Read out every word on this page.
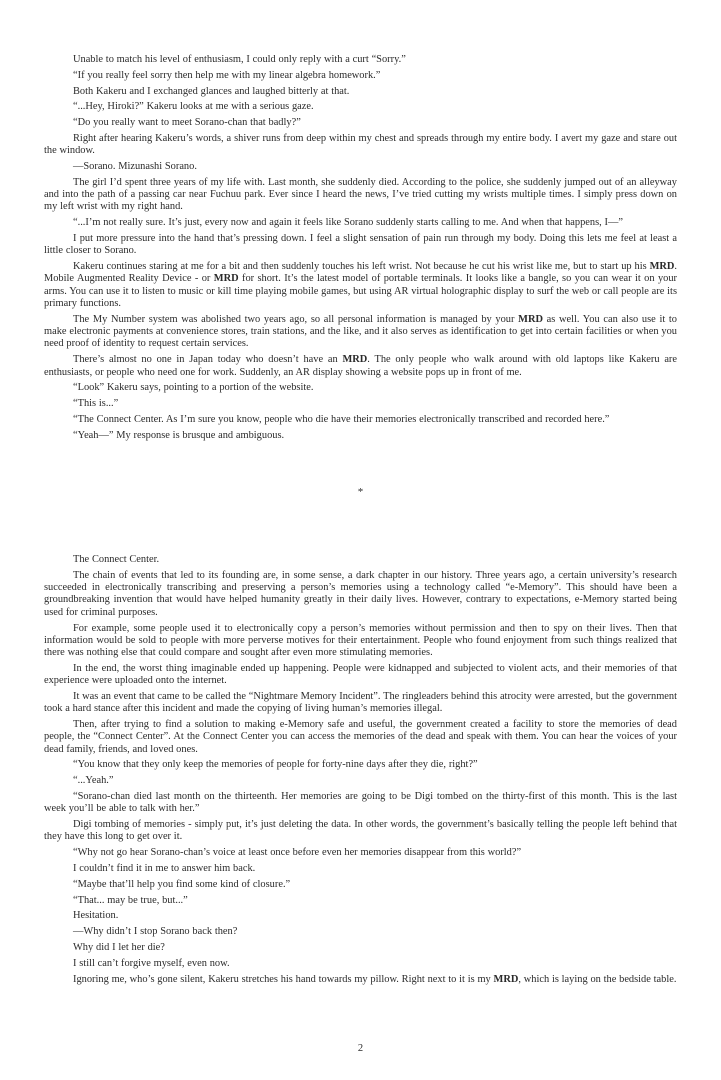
Unable to match his level of enthusiasm, I could only reply with a curt “Sorry.”

“If you really feel sorry then help me with my linear algebra homework.”

Both Kakeru and I exchanged glances and laughed bitterly at that.

“...Hey, Hiroki?” Kakeru looks at me with a serious gaze.

“Do you really want to meet Sorano-chan that badly?”

Right after hearing Kakeru’s words, a shiver runs from deep within my chest and spreads through my entire body. I avert my gaze and stare out the window.

—Sorano. Mizunashi Sorano.

The girl I’d spent three years of my life with. Last month, she suddenly died. According to the police, she suddenly jumped out of an alleyway and into the path of a passing car near Fuchuu park. Ever since I heard the news, I’ve tried cutting my wrists multiple times. I simply press down on my left wrist with my right hand.

“...I’m not really sure. It’s just, every now and again it feels like Sorano suddenly starts calling to me. And when that happens, I—”

I put more pressure into the hand that’s pressing down. I feel a slight sensation of pain run through my body. Doing this lets me feel at least a little closer to Sorano.

Kakeru continues staring at me for a bit and then suddenly touches his left wrist. Not because he cut his wrist like me, but to start up his MRD. Mobile Augmented Reality Device - or MRD for short. It’s the latest model of portable terminals. It looks like a bangle, so you can wear it on your arms. You can use it to listen to music or kill time playing mobile games, but using AR virtual holographic display to surf the web or call people are its primary functions.

The My Number system was abolished two years ago, so all personal information is managed by your MRD as well. You can also use it to make electronic payments at convenience stores, train stations, and the like, and it also serves as identification to get into certain facilities or when you need proof of identity to request certain services.

There’s almost no one in Japan today who doesn’t have an MRD. The only people who walk around with old laptops like Kakeru are enthusiasts, or people who need one for work. Suddenly, an AR display showing a website pops up in front of me.

“Look” Kakeru says, pointing to a portion of the website.

“This is...”

“The Connect Center. As I’m sure you know, people who die have their memories electronically transcribed and recorded here.”

“Yeah—” My response is brusque and ambiguous.

*

The Connect Center.

The chain of events that led to its founding are, in some sense, a dark chapter in our history. Three years ago, a certain university’s research succeeded in electronically transcribing and preserving a person’s memories using a technology called “e-Memory”. This should have been a groundbreaking invention that would have helped humanity greatly in their daily lives. However, contrary to expectations, e-Memory started being used for criminal purposes.

For example, some people used it to electronically copy a person’s memories without permission and then to spy on their lives. Then that information would be sold to people with more perverse motives for their entertainment. People who found enjoyment from such things realized that there was nothing else that could compare and sought after even more stimulating memories.

In the end, the worst thing imaginable ended up happening. People were kidnapped and subjected to violent acts, and their memories of that experience were uploaded onto the internet.

It was an event that came to be called the “Nightmare Memory Incident”. The ringleaders behind this atrocity were arrested, but the government took a hard stance after this incident and made the copying of living human’s memories illegal.

Then, after trying to find a solution to making e-Memory safe and useful, the government created a facility to store the memories of dead people, the “Connect Center”. At the Connect Center you can access the memories of the dead and speak with them. You can hear the voices of your dead family, friends, and loved ones.

“You know that they only keep the memories of people for forty-nine days after they die, right?”

“...Yeah.”

“Sorano-chan died last month on the thirteenth. Her memories are going to be Digi tombed on the thirty-first of this month. This is the last week you’ll be able to talk with her.”

Digi tombing of memories - simply put, it’s just deleting the data. In other words, the government’s basically telling the people left behind that they have this long to get over it.

“Why not go hear Sorano-chan’s voice at least once before even her memories disappear from this world?”

I couldn’t find it in me to answer him back.

“Maybe that’ll help you find some kind of closure.”

“That... may be true, but...”

Hesitation.

—Why didn’t I stop Sorano back then?

Why did I let her die?

I still can’t forgive myself, even now.

Ignoring me, who’s gone silent, Kakeru stretches his hand towards my pillow. Right next to it is my MRD, which is laying on the bedside table.

2
